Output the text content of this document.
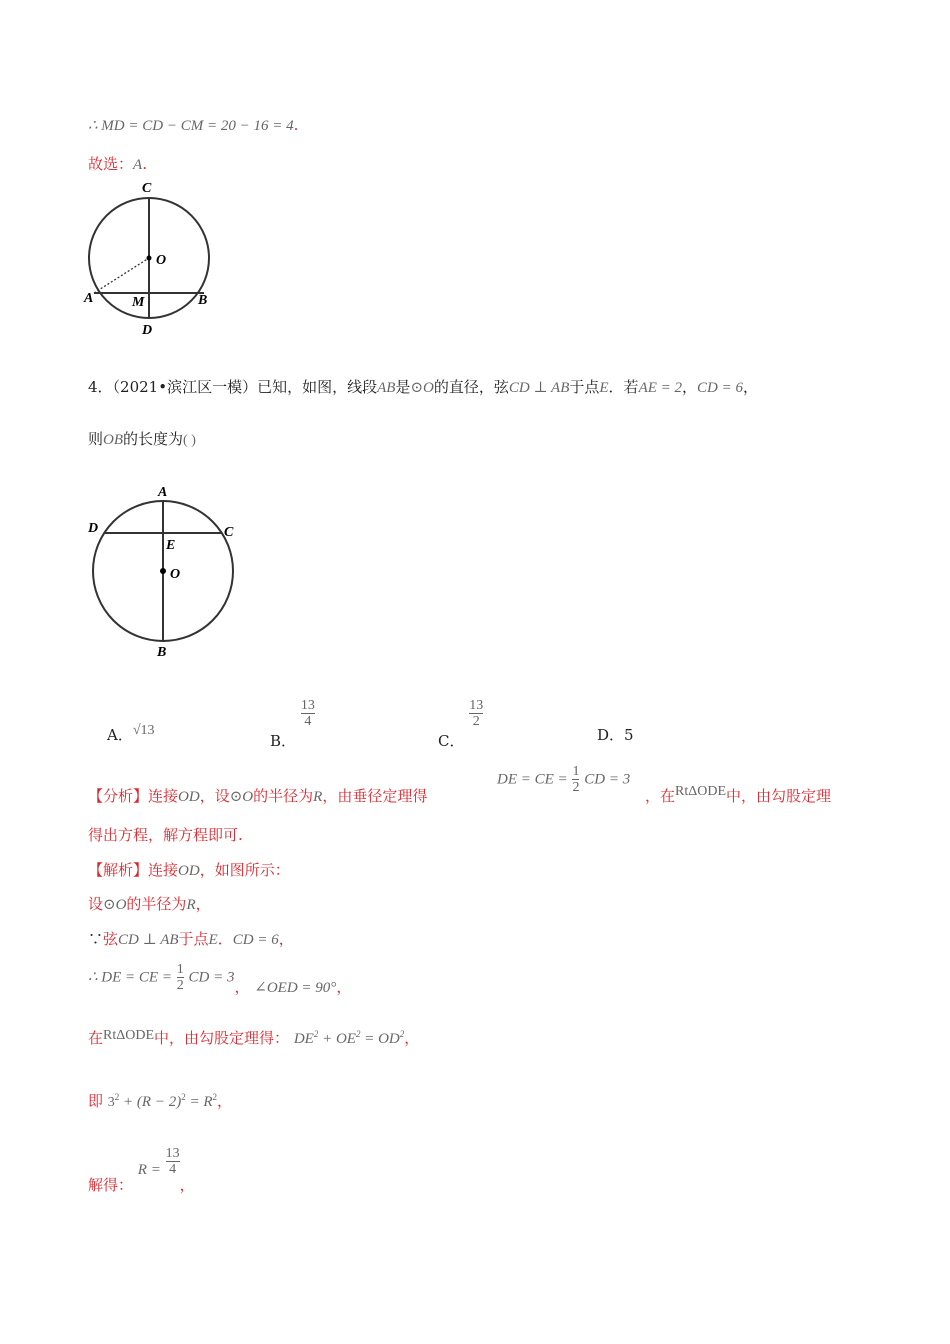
∴ MD = CD − CM = 20 − 16 = 4.
故选：A.
C
O
A	M	B
D
4．（2021•滨江区一模）已知，如图，线段AB是⊙O的直径，弦CD ⊥ AB于点E．若AE = 2，CD = 6，
则OB的长度为( )
A
D	C
E
O
B
A．√13
B．
$\frac{13}{4}$
C．
$\frac{13}{2}$
D．5
【分析】连接OD，设⊙O的半径为R，由垂径定理得
DE = CE = $\frac{1}{2}$ CD = 3
，在RtΔODE中，由勾股定理
得出方程，解方程即可.
【解析】连接OD，如图所示：
设⊙O的半径为R，
∵弦CD ⊥ AB于点E．CD = 6，
∴ DE = CE = $\frac{1}{2}$ CD = 3， ∠OED = 90°，
在RtΔODE中，由勾股定理得： $DE^2 + OE^2 = OD^2$，
即 $3^2 + (R - 2)^2 = R^2$，
解得： $R = \frac{13}{4}$
，
